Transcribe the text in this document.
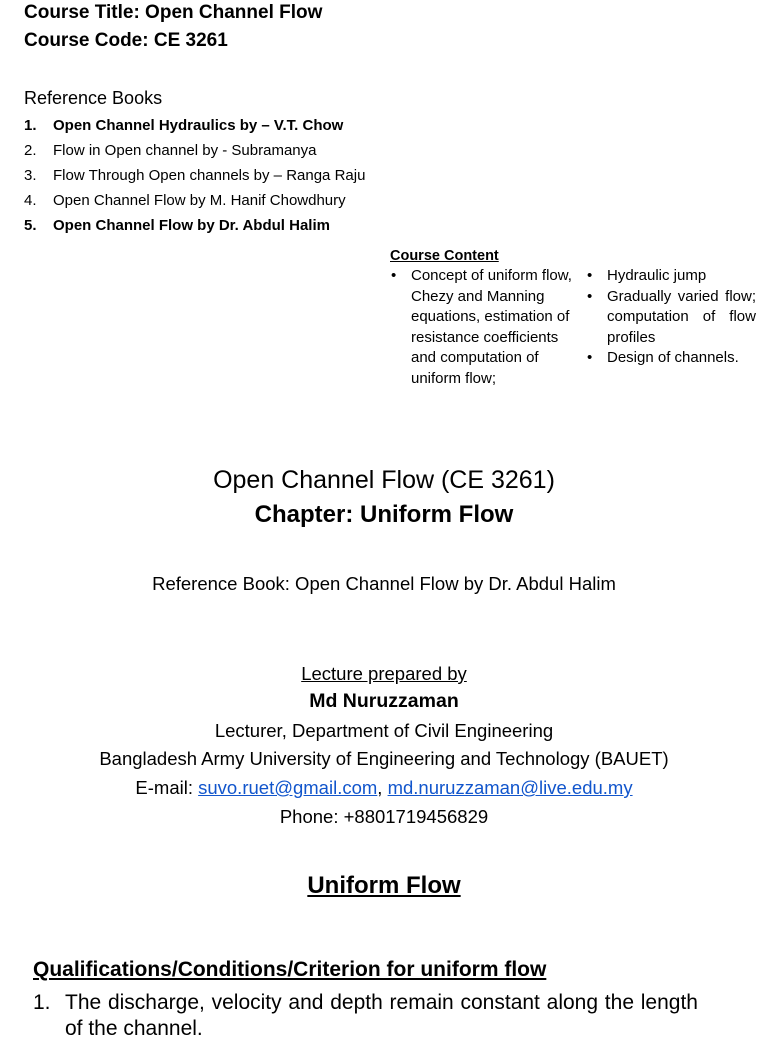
Course Title: Open Channel Flow

Course Code: CE 3261

Reference Books

1.	Open Channel Hydraulics by – V.T. Chow
2.	Flow in Open channel by - Subramanya
3.	Flow Through Open channels by – Ranga Raju
4.	Open Channel Flow by M. Hanif Chowdhury
5.	Open Channel Flow by Dr. Abdul Halim

Course Content

• Concept of uniform flow, Chezy and Manning equations, estimation of resistance coefficients and computation of uniform flow;
• Hydraulic jump
• Gradually varied flow; computation of flow profiles
• Design of channels.

Open Channel Flow (CE 3261)

Chapter: Uniform Flow

Reference Book: Open Channel Flow by Dr. Abdul Halim

Lecture prepared by

Md Nuruzzaman

Lecturer, Department of Civil Engineering

Bangladesh Army University of Engineering and Technology (BAUET)

E-mail: suvo.ruet@gmail.com, md.nuruzzaman@live.edu.my

Phone: +8801719456829

Uniform Flow

Qualifications/Conditions/Criterion for uniform flow

1. The discharge, velocity and depth remain constant along the length of the channel.
